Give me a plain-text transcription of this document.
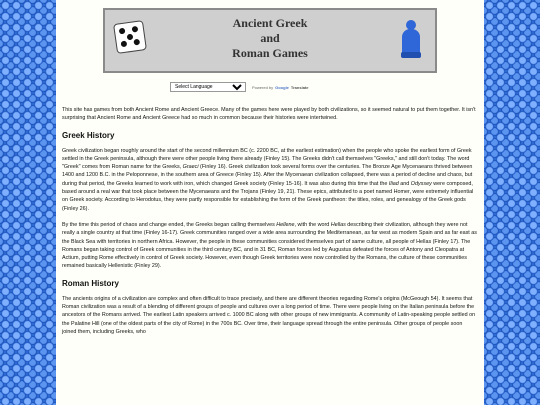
Ancient Greek
and
Roman Games
Select Language
Powered by Google Translate

This site has games from both Ancient Rome and Ancient Greece. Many of the games here were played by both civilizations, so it seemed natural to put them together. It isn't surprising that Ancient Rome and Ancient Greece had so much in common because their histories were intertwined.

Greek History

Greek civilization began roughly around the start of the second millennium BC (c. 2200 BC, at the earliest estimation) when the people who spoke the earliest form of Greek settled in the Greek peninsula, although there were other people living there already (Finley 15). The Greeks didn't call themselves "Greeks," and still don't today. The word "Greek" comes from Roman name for the Greeks, Graeci (Finley 16). Greek civilization took several forms over the centuries. The Bronze Age Mycenaeans thrived between 1400 and 1200 B.C. in the Peloponnese, in the southern area of Greece (Finley 15). After the Mycenaean civilization collapsed, there was a period of decline and chaos, but during that period, the Greeks learned to work with iron, which changed Greek society (Finley 15-16). It was also during this time that the Iliad and Odyssey were composed, based around a real war that took place between the Mycenaeans and the Trojans (Finley 19, 21). These epics, attributed to a poet named Homer, were extremely influential on Greek society. According to Herodotus, they were partly responsible for establishing the form of the Greek pantheon: the titles, roles, and genealogy of the Greek gods (Finley 26).

By the time this period of chaos and change ended, the Greeks began calling themselves Hellene, with the word Hellas describing their civilization, although they were not really a single country at that time (Finley 16-17). Greek communities ranged over a wide area surrounding the Mediterranean, as far west as modern Spain and as far east as the Black Sea with territories in northern Africa. However, the people in these communities considered themselves part of same culture, all people of Hellas (Finley 17). The Romans began taking control of Greek communities in the third century BC, and in 31 BC, Roman forces led by Augustus defeated the forces of Antony and Cleopatra at Actium, putting Rome effectively in control of Greek society. However, even though Greek territories were now controlled by the Romans, the culture of these communities remained basically Hellenistic (Finley 29).

Roman History

The ancients origins of a civilization are complex and often difficult to trace precisely, and there are different theories regarding Rome's origins (McGeough 54). It seems that Roman civilization was a result of a blending of different groups of people and cultures over a long period of time. There were people living on the Italian peninsula before the ancestors of the Romans arrived. The earliest Latin speakers arrived c. 1000 BC along with other groups of new immigrants. A community of Latin-speaking people settled on the Palatine Hill (one of the oldest parts of the city of Rome) in the 700s BC. Over time, their language spread through the entire peninsula. Other groups of people soon joined them, including Greeks, who
